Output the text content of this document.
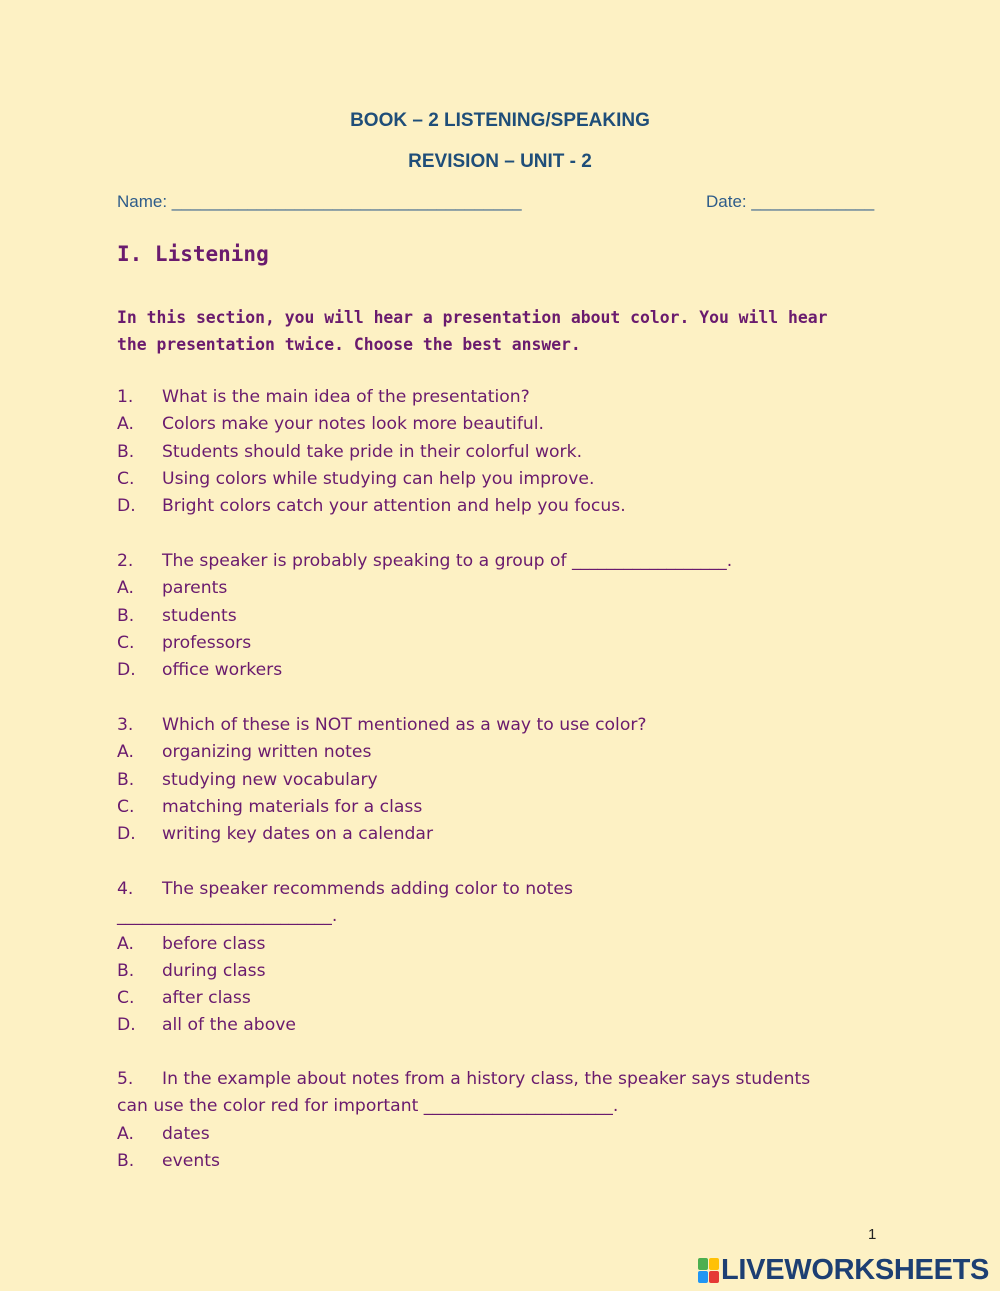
BOOK – 2 LISTENING/SPEAKING
REVISION – UNIT - 2
Name: _____________________________________	Date: _____________
I. Listening
In this section, you will hear a presentation about color. You will hear the presentation twice. Choose the best answer.
1.	What is the main idea of the presentation?
A.	Colors make your notes look more beautiful.
B.	Students should take pride in their colorful work.
C.	Using colors while studying can help you improve.
D.	Bright colors catch your attention and help you focus.
2.	The speaker is probably speaking to a group of __________________.
A.	parents
B.	students
C.	professors
D.	office workers
3.	Which of these is NOT mentioned as a way to use color?
A.	organizing written notes
B.	studying new vocabulary
C.	matching materials for a class
D.	writing key dates on a calendar
4.	The speaker recommends adding color to notes
_________________________.
A.	before class
B.	during class
C.	after class
D.	all of the above
5.	In the example about notes from a history class, the speaker says students
can use the color red for important ______________________.
A.	dates
B.	events
1
LIVEWORKSHEETS
